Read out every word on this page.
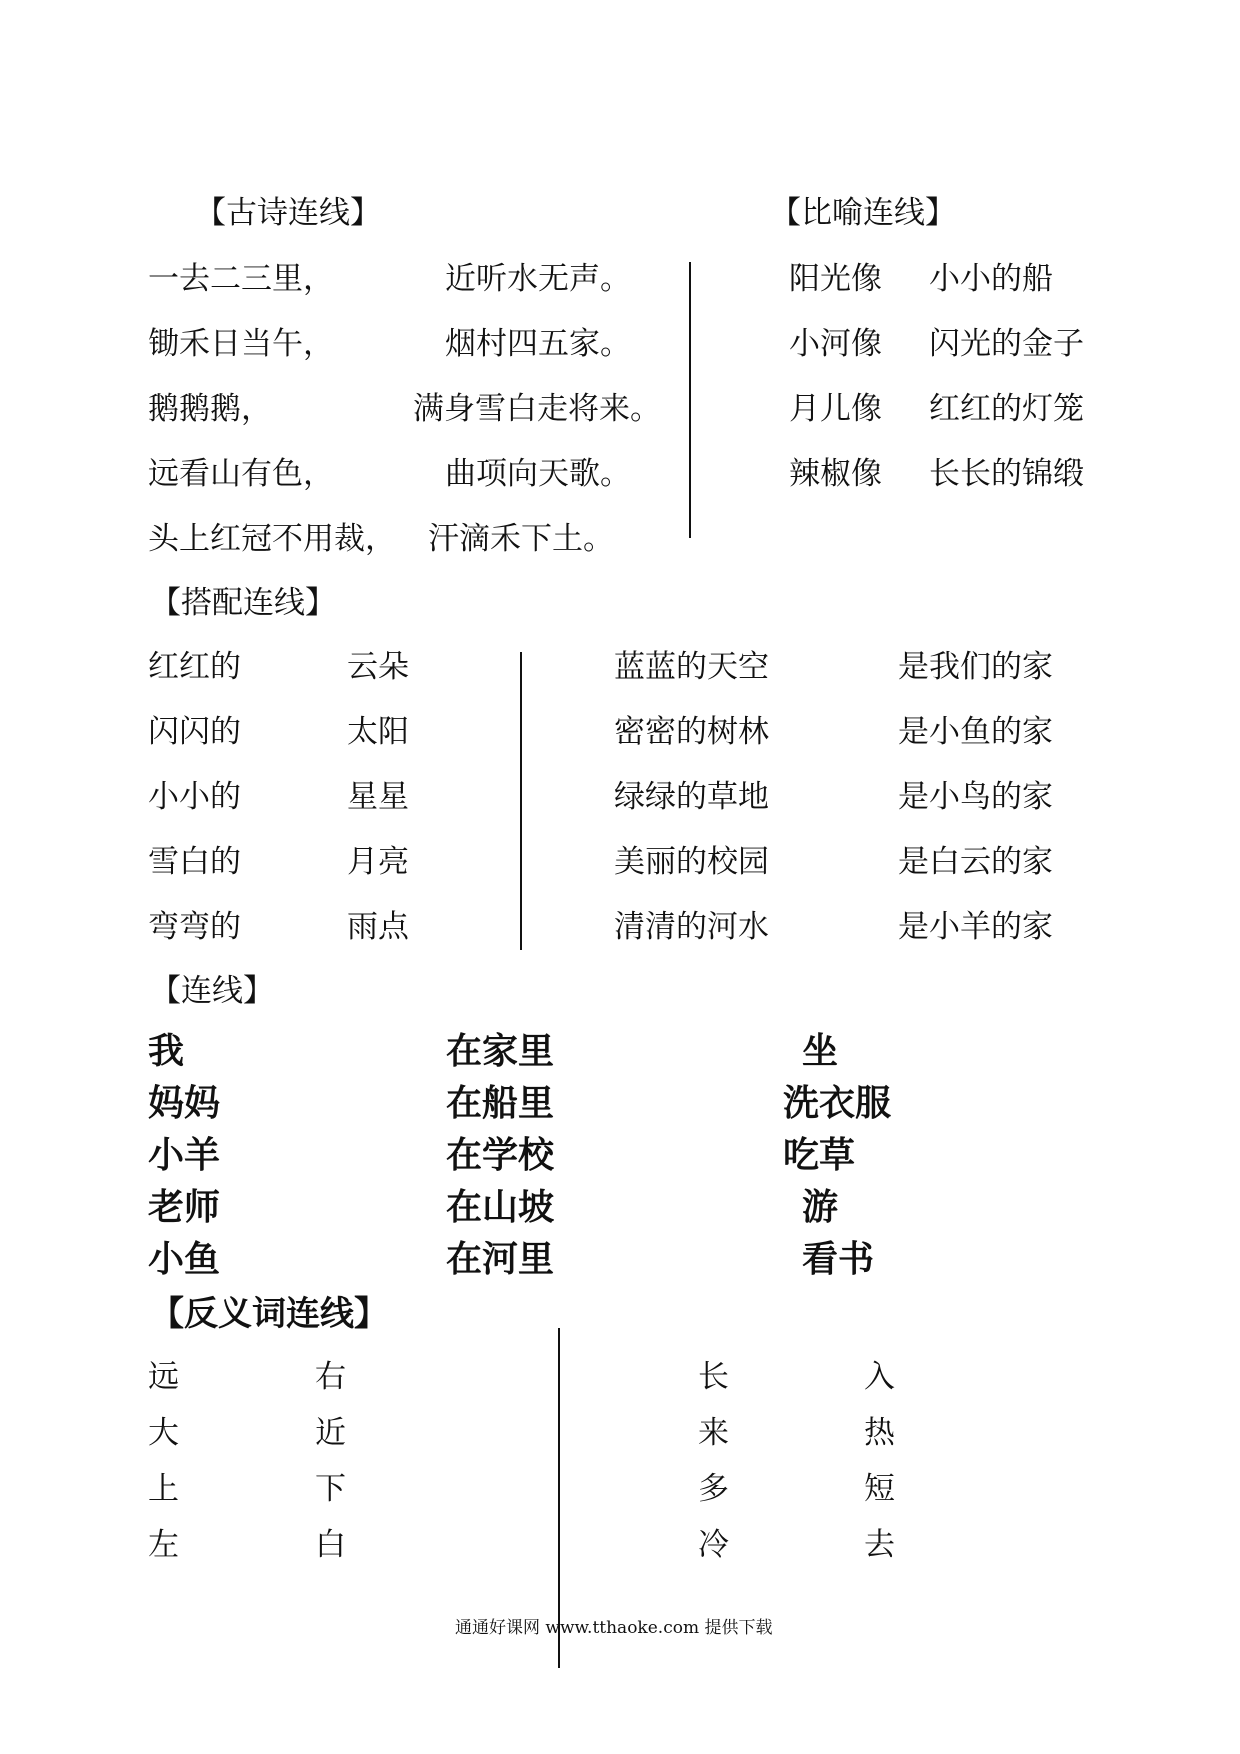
【古诗连线】
一去二三里，
锄禾日当午，
鹅鹅鹅，
远看山有色，
头上红冠不用裁，
近听水无声。
烟村四五家。
满身雪白走将来。
曲项向天歌。
汗滴禾下土。
【比喻连线】
阳光像
小河像
月儿像
辣椒像
小小的船
闪光的金子
红红的灯笼
长长的锦缎
【搭配连线】
红红的
闪闪的
小小的
雪白的
弯弯的
云朵
太阳
星星
月亮
雨点
蓝蓝的天空
密密的树林
绿绿的草地
美丽的校园
清清的河水
是我们的家
是小鱼的家
是小鸟的家
是白云的家
是小羊的家
【连线】
我
妈妈
小羊
老师
小鱼
在家里
在船里
在学校
在山坡
在河里
坐
洗衣服
吃草
游
看书
【反义词连线】
远
大
上
左
右
近
下
白
长
来
多
冷
入
热
短
去
通通好课网 www.tthaoke.com 提供下载
